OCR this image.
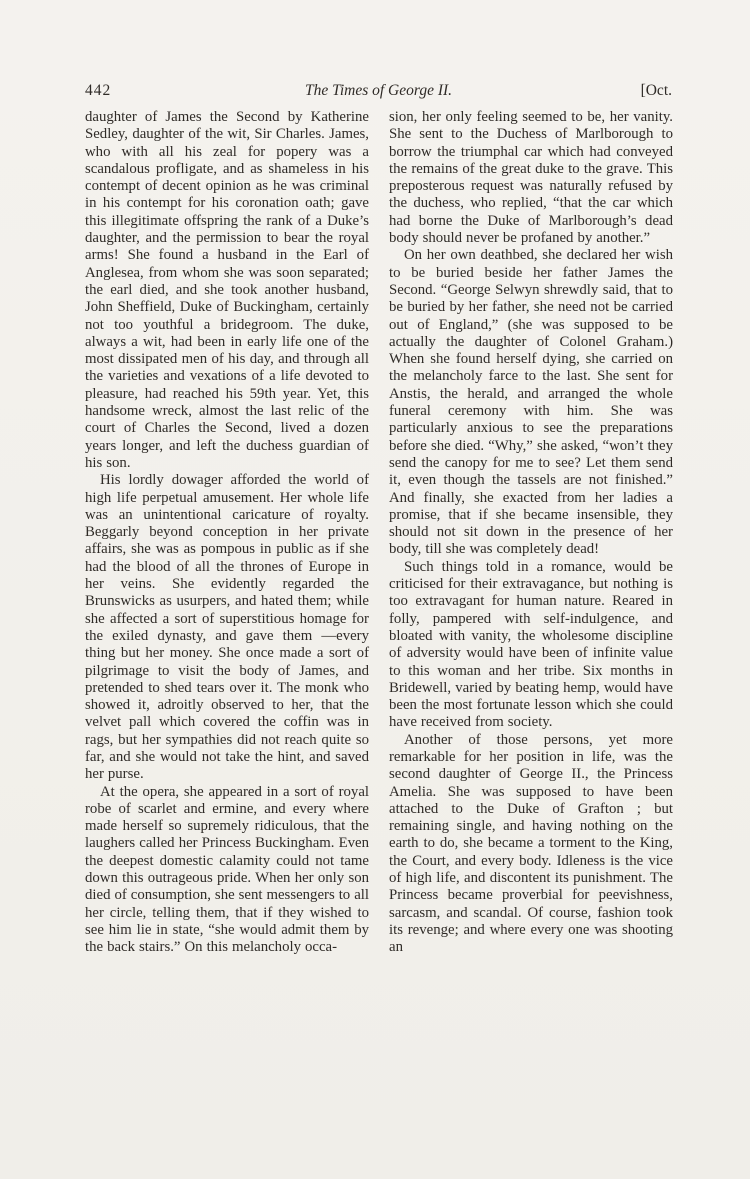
442	The Times of George II.	[Oct.

daughter of James the Second by Katherine Sedley, daughter of the wit, Sir Charles. James, who with all his zeal for popery was a scandalous profligate, and as shameless in his contempt of decent opinion as he was criminal in his contempt for his coronation oath; gave this illegitimate offspring the rank of a Duke’s daughter, and the permission to bear the royal arms! She found a husband in the Earl of Anglesea, from whom she was soon separated; the earl died, and she took another husband, John Sheffield, Duke of Buckingham, certainly not too youthful a bridegroom. The duke, always a wit, had been in early life one of the most dissipated men of his day, and through all the varieties and vexations of a life devoted to pleasure, had reached his 59th year. Yet, this handsome wreck, almost the last relic of the court of Charles the Second, lived a dozen years longer, and left the duchess guardian of his son.

His lordly dowager afforded the world of high life perpetual amusement. Her whole life was an unintentional caricature of royalty. Beggarly beyond conception in her private affairs, she was as pompous in public as if she had the blood of all the thrones of Europe in her veins. She evidently regarded the Brunswicks as usurpers, and hated them; while she affected a sort of superstitious homage for the exiled dynasty, and gave them —every thing but her money. She once made a sort of pilgrimage to visit the body of James, and pretended to shed tears over it. The monk who showed it, adroitly observed to her, that the velvet pall which covered the coffin was in rags, but her sympathies did not reach quite so far, and she would not take the hint, and saved her purse.

At the opera, she appeared in a sort of royal robe of scarlet and ermine, and every where made herself so supremely ridiculous, that the laughers called her Princess Buckingham. Even the deepest domestic calamity could not tame down this outrageous pride. When her only son died of consumption, she sent messengers to all her circle, telling them, that if they wished to see him lie in state, “she would admit them by the back stairs.” On this melancholy occa-

sion, her only feeling seemed to be, her vanity. She sent to the Duchess of Marlborough to borrow the triumphal car which had conveyed the remains of the great duke to the grave. This preposterous request was naturally refused by the duchess, who replied, “that the car which had borne the Duke of Marlborough’s dead body should never be profaned by another.”

On her own deathbed, she declared her wish to be buried beside her father James the Second. “George Selwyn shrewdly said, that to be buried by her father, she need not be carried out of England,” (she was supposed to be actually the daughter of Colonel Graham.) When she found herself dying, she carried on the melancholy farce to the last. She sent for Anstis, the herald, and arranged the whole funeral ceremony with him. She was particularly anxious to see the preparations before she died. “Why,” she asked, “won’t they send the canopy for me to see? Let them send it, even though the tassels are not finished.” And finally, she exacted from her ladies a promise, that if she became insensible, they should not sit down in the presence of her body, till she was completely dead!

Such things told in a romance, would be criticised for their extravagance, but nothing is too extravagant for human nature. Reared in folly, pampered with self-indulgence, and bloated with vanity, the wholesome discipline of adversity would have been of infinite value to this woman and her tribe. Six months in Bridewell, varied by beating hemp, would have been the most fortunate lesson which she could have received from society.

Another of those persons, yet more remarkable for her position in life, was the second daughter of George II., the Princess Amelia. She was supposed to have been attached to the Duke of Grafton ; but remaining single, and having nothing on the earth to do, she became a torment to the King, the Court, and every body. Idleness is the vice of high life, and discontent its punishment. The Princess became proverbial for peevishness, sarcasm, and scandal. Of course, fashion took its revenge; and where every one was shooting an
